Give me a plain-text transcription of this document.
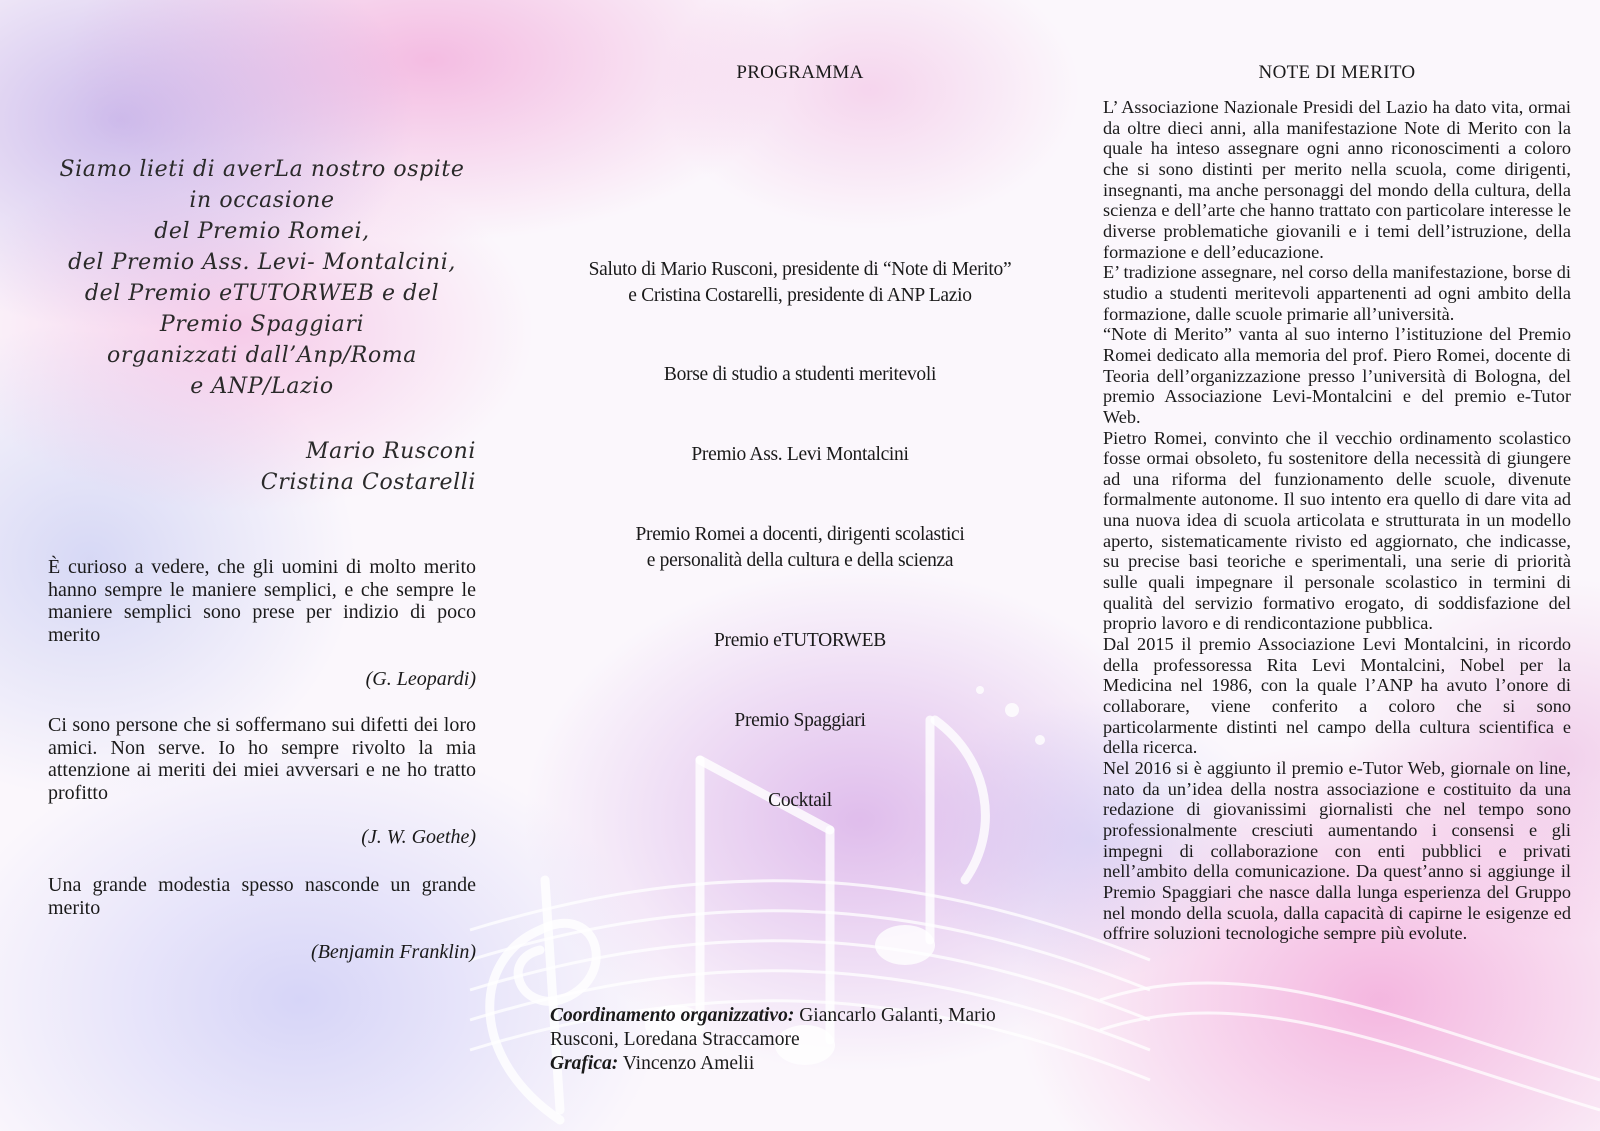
Siamo lieti di averLa nostro ospite
in occasione
del Premio Romei,
del Premio Ass. Levi- Montalcini,
del Premio eTUTORWEB e del
Premio Spaggiari
organizzati dall’Anp/Roma
e ANP/Lazio
Mario Rusconi
Cristina Costarelli
È curioso a vedere, che gli uomini di molto merito hanno sempre le maniere semplici, e che sempre le maniere semplici sono prese per indizio di poco merito
(G. Leopardi)
Ci sono persone che si soffermano sui difetti dei loro amici. Non serve. Io ho sempre rivolto la mia attenzione ai meriti dei miei avversari e ne ho tratto profitto
(J. W. Goethe)
Una grande modestia spesso nasconde un grande merito
(Benjamin Franklin)
PROGRAMMA
Saluto di Mario Rusconi, presidente di “Note di Merito”
e Cristina Costarelli, presidente di ANP Lazio
Borse di studio a studenti meritevoli
Premio Ass. Levi Montalcini
Premio Romei a docenti, dirigenti scolastici
e personalità della cultura e della scienza
Premio eTUTORWEB
Premio Spaggiari
Cocktail
Coordinamento organizzativo: Giancarlo Galanti, Mario Rusconi, Loredana Straccamore
Grafica: Vincenzo Amelii
NOTE DI MERITO

L’ Associazione Nazionale Presidi del Lazio ha dato vita, ormai da oltre dieci anni, alla manifestazione Note di Merito con la quale ha inteso assegnare ogni anno riconoscimenti a coloro che si sono distinti per merito nella scuola, come dirigenti, insegnanti, ma anche personaggi del mondo della cultura, della scienza e dell’arte che hanno trattato con particolare interesse le diverse problematiche giovanili e i temi dell’istruzione, della formazione e dell’educazione.

E’ tradizione assegnare, nel corso della manifestazione, borse di studio a studenti meritevoli appartenenti ad ogni ambito della formazione, dalle scuole primarie all’università.

“Note di Merito” vanta al suo interno l’istituzione del Premio Romei dedicato alla memoria del prof. Piero Romei, docente di Teoria dell’organizzazione presso l’università di Bologna, del premio Associazione Levi-Montalcini e del premio e-Tutor Web.

Pietro Romei, convinto che il vecchio ordinamento scolastico fosse ormai obsoleto, fu sostenitore della necessità di giungere ad una riforma del funzionamento delle scuole, divenute formalmente autonome. Il suo intento era quello di dare vita ad una nuova idea di scuola articolata e strutturata in un modello aperto, sistematicamente rivisto ed aggiornato, che indicasse, su precise basi teoriche e sperimentali, una serie di priorità sulle quali impegnare il personale scolastico in termini di qualità del servizio formativo erogato, di soddisfazione del proprio lavoro e di rendicontazione pubblica.

Dal 2015 il premio Associazione Levi Montalcini, in ricordo della professoressa Rita Levi Montalcini, Nobel per la Medicina nel 1986, con la quale l’ANP ha avuto l’onore di collaborare, viene conferito a coloro che si sono particolarmente distinti nel campo della cultura scientifica e della ricerca.

Nel 2016 si è aggiunto il premio e-Tutor Web, giornale on line, nato da un’idea della nostra associazione e costituito da una redazione di giovanissimi giornalisti che nel tempo sono professionalmente cresciuti aumentando i consensi e gli impegni di collaborazione con enti pubblici e privati nell’ambito della comunicazione. Da quest’anno si aggiunge il Premio Spaggiari che nasce dalla lunga esperienza del Gruppo nel mondo della scuola, dalla capacità di capirne le esigenze ed offrire soluzioni tecnologiche sempre più evolute.
